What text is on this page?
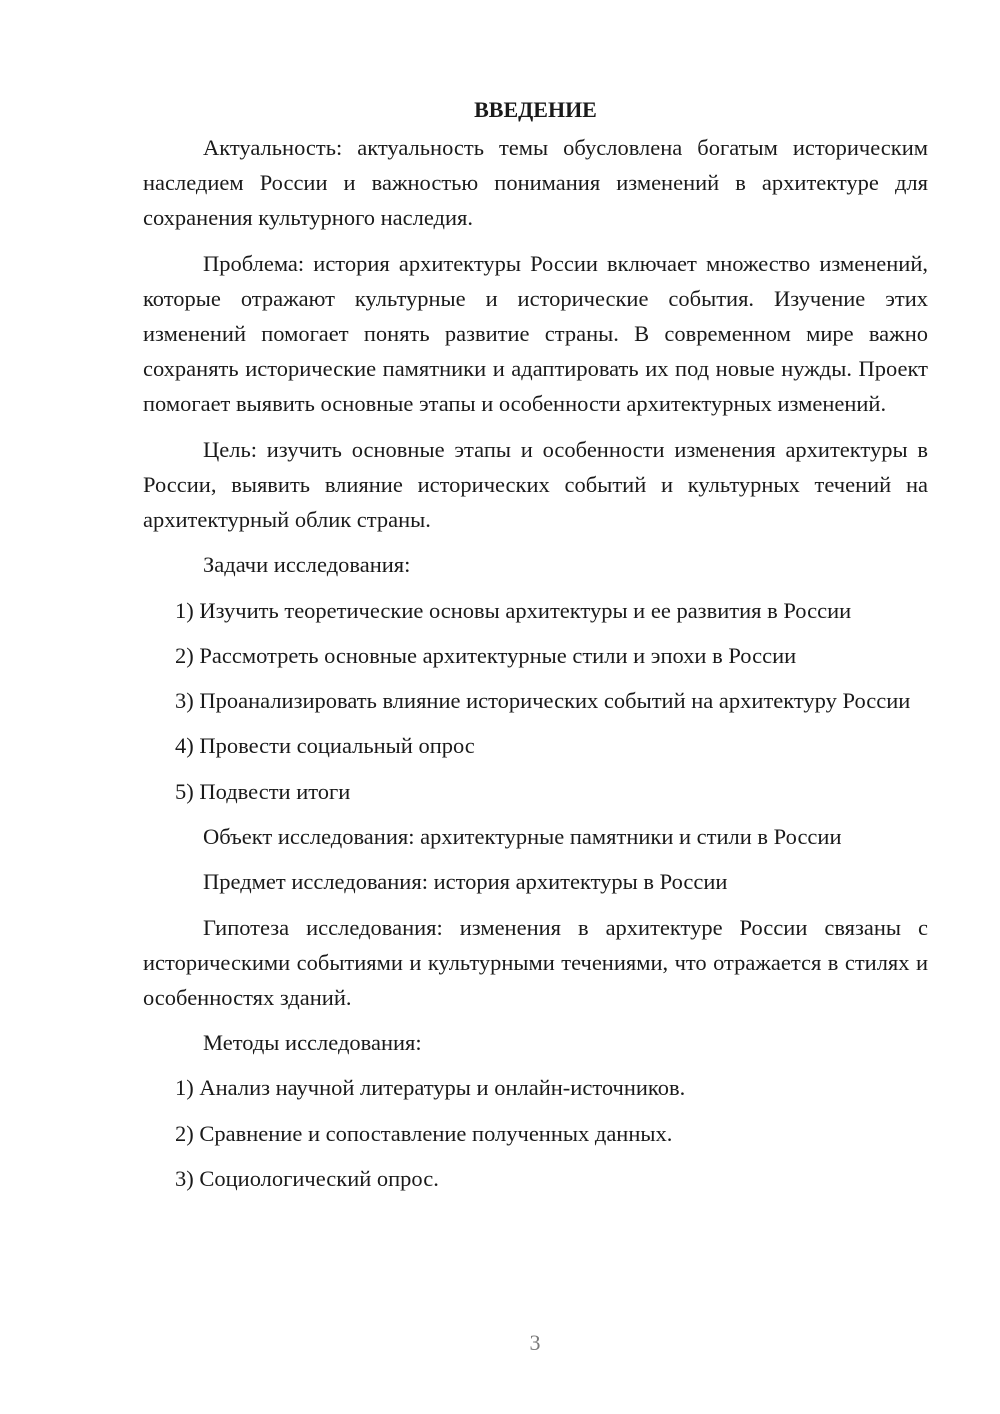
ВВЕДЕНИЕ

Актуальность: актуальность темы обусловлена богатым историческим наследием России и важностью понимания изменений в архитектуре для сохранения культурного наследия.

Проблема: история архитектуры России включает множество изменений, которые отражают культурные и исторические события. Изучение этих изменений помогает понять развитие страны. В современном мире важно сохранять исторические памятники и адаптировать их под новые нужды. Проект помогает выявить основные этапы и особенности архитектурных изменений.

Цель: изучить основные этапы и особенности изменения архитектуры в России, выявить влияние исторических событий и культурных течений на архитектурный облик страны.

Задачи исследования:
1) Изучить теоретические основы архитектуры и ее развития в России
2) Рассмотреть основные архитектурные стили и эпохи в России

3) Проанализировать влияние исторических событий на архитектуру России

4) Провести социальный опрос
5) Подвести итоги
Объект исследования: архитектурные памятники и стили в России
Предмет исследования: история архитектуры в России

Гипотеза исследования: изменения в архитектуре России связаны с историческими событиями и культурными течениями, что отражается в стилях и особенностях зданий.

Методы исследования:
1) Анализ научной литературы и онлайн-источников.
2) Сравнение и сопоставление полученных данных.
3) Социологический опрос.
3
